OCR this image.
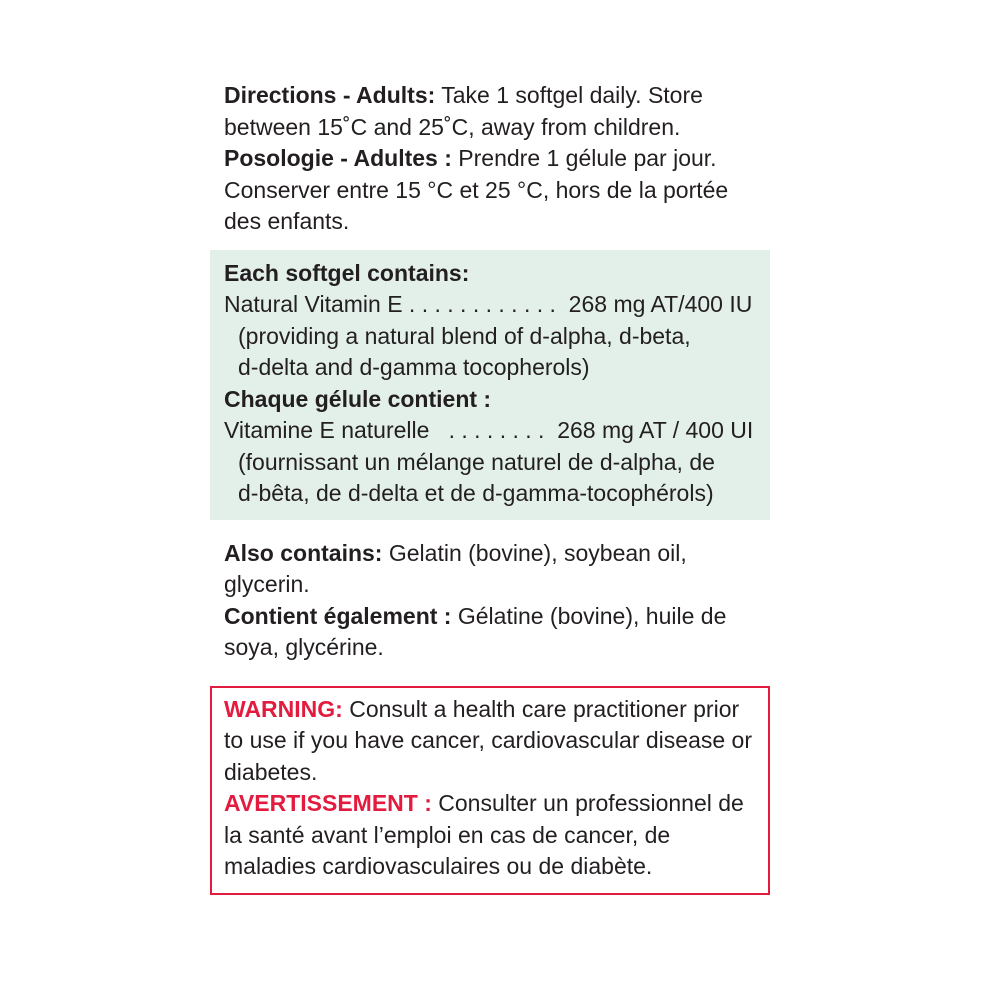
Directions - Adults: Take 1 softgel daily. Store between 15˚C and 25˚C, away from children.

Posologie - Adultes : Prendre 1 gélule par jour. Conserver entre 15 °C et 25 °C, hors de la portée des enfants.

Each softgel contains:

Natural Vitamin E . . . . . . . . . . . .  268 mg AT/400 IU

(providing a natural blend of d-alpha, d-beta,

d-delta and d-gamma tocopherols)

Chaque gélule contient :

Vitamine E naturelle   . . . . . . . .  268 mg AT / 400 UI

(fournissant un mélange naturel de d-alpha, de

d-bêta, de d-delta et de d-gamma-tocophérols)

Also contains: Gelatin (bovine), soybean oil, glycerin.

Contient également : Gélatine (bovine), huile de soya, glycérine.

WARNING: Consult a health care practitioner prior to use if you have cancer, cardiovascular disease or diabetes.

AVERTISSEMENT : Consulter un professionnel de la santé avant l’emploi en cas de cancer, de maladies cardiovasculaires ou de diabète.
